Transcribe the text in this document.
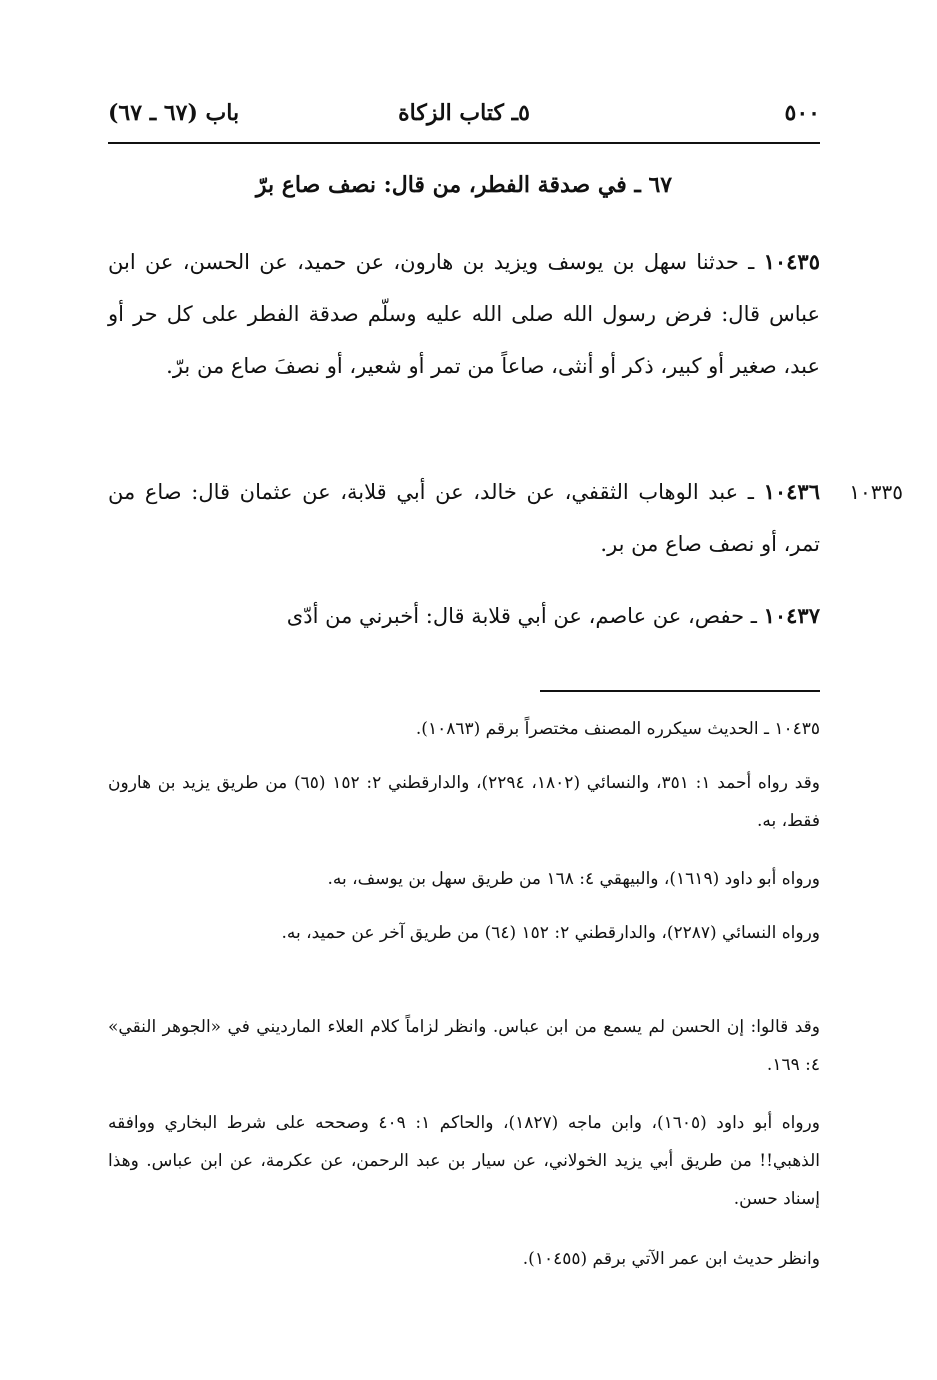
٥٠٠
٥ـ كتاب الزكاة
باب (٦٧ ـ ٦٧)
٦٧ ـ في صدقة الفطر، من قال: نصف صاع برّ
١٠٤٣٥ ـ حدثنا سهل بن يوسف ويزيد بن هارون، عن حميد، عن الحسن، عن ابن عباس قال: فرض رسول الله صلى الله عليه وسلّم صدقة الفطر على كل حر أو عبد، صغير أو كبير، ذكر أو أنثى، صاعاً من تمر أو شعير، أو نصفَ صاع من برّ.
١٠٣٣٥
١٠٤٣٦ ـ عبد الوهاب الثقفي، عن خالد، عن أبي قلابة، عن عثمان قال: صاع من تمر، أو نصف صاع من بر.
١٠٤٣٧ ـ حفص، عن عاصم، عن أبي قلابة قال: أخبرني من أدّى
١٠٤٣٥ ـ الحديث سيكرره المصنف مختصراً برقم (١٠٨٦٣).
وقد رواه أحمد ١: ٣٥١، والنسائي (١٨٠٢، ٢٢٩٤)، والدارقطني ٢: ١٥٢ (٦٥) من طريق يزيد بن هارون فقط، به.
ورواه أبو داود (١٦١٩)، والبيهقي ٤: ١٦٨ من طريق سهل بن يوسف، به.
ورواه النسائي (٢٢٨٧)، والدارقطني ٢: ١٥٢ (٦٤) من طريق آخر عن حميد، به.
وقد قالوا: إن الحسن لم يسمع من ابن عباس. وانظر لزاماً كلام العلاء المارديني في «الجوهر النقي» ٤: ١٦٩.
ورواه أبو داود (١٦٠٥)، وابن ماجه (١٨٢٧)، والحاكم ١: ٤٠٩ وصححه على شرط البخاري ووافقه الذهبي!! من طريق أبي يزيد الخولاني، عن سيار بن عبد الرحمن، عن عكرمة، عن ابن عباس. وهذا إسناد حسن.
وانظر حديث ابن عمر الآتي برقم (١٠٤٥٥).
